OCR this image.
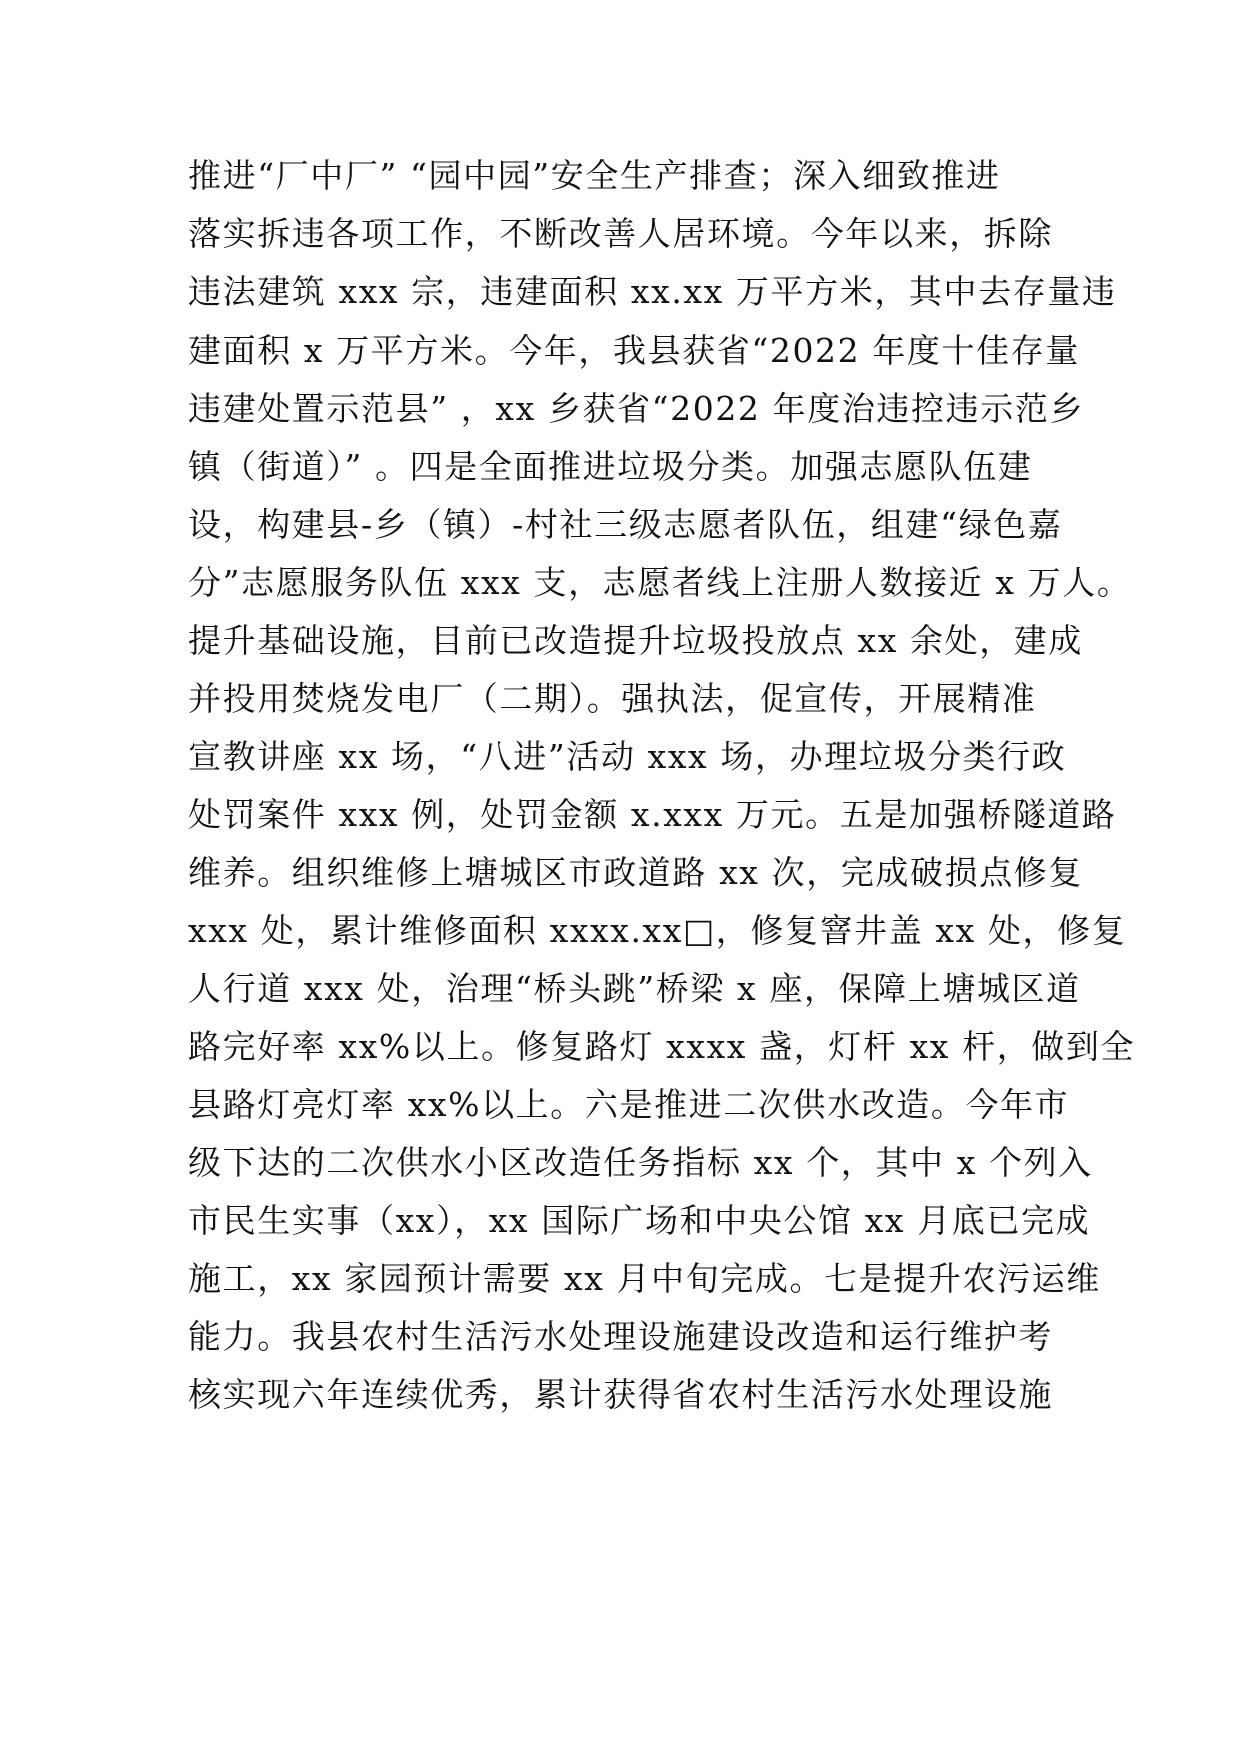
推进“厂中厂” “园中园”安全生产排查；深入细致推进
落实拆违各项工作，不断改善人居环境。今年以来，拆除
违法建筑 xxx 宗，违建面积 xx.xx 万平方米，其中去存量违
建面积 x 万平方米。今年，我县获省“2022 年度十佳存量
违建处置示范县” ，xx 乡获省“2022 年度治违控违示范乡
镇（街道）” 。四是全面推进垃圾分类。加强志愿队伍建
设，构建县-乡（镇）-村社三级志愿者队伍，组建“绿色嘉
分”志愿服务队伍 xxx 支，志愿者线上注册人数接近 x 万人。
提升基础设施，目前已改造提升垃圾投放点 xx 余处，建成
并投用焚烧发电厂（二期）。强执法，促宣传，开展精准
宣教讲座 xx 场，“八进”活动 xxx 场，办理垃圾分类行政
处罚案件 xxx 例，处罚金额 x.xxx 万元。五是加强桥隧道路
维养。组织维修上塘城区市政道路 xx 次，完成破损点修复
xxx 处，累计维修面积 xxxx.xx□，修复窨井盖 xx 处，修复
人行道 xxx 处，治理“桥头跳”桥梁 x 座，保障上塘城区道
路完好率 xx%以上。修复路灯 xxxx 盏，灯杆 xx 杆，做到全
县路灯亮灯率 xx%以上。六是推进二次供水改造。今年市
级下达的二次供水小区改造任务指标 xx 个，其中 x 个列入
市民生实事（xx），xx 国际广场和中央公馆 xx 月底已完成
施工，xx 家园预计需要 xx 月中旬完成。七是提升农污运维
能力。我县农村生活污水处理设施建设改造和运行维护考
核实现六年连续优秀，累计获得省农村生活污水处理设施
